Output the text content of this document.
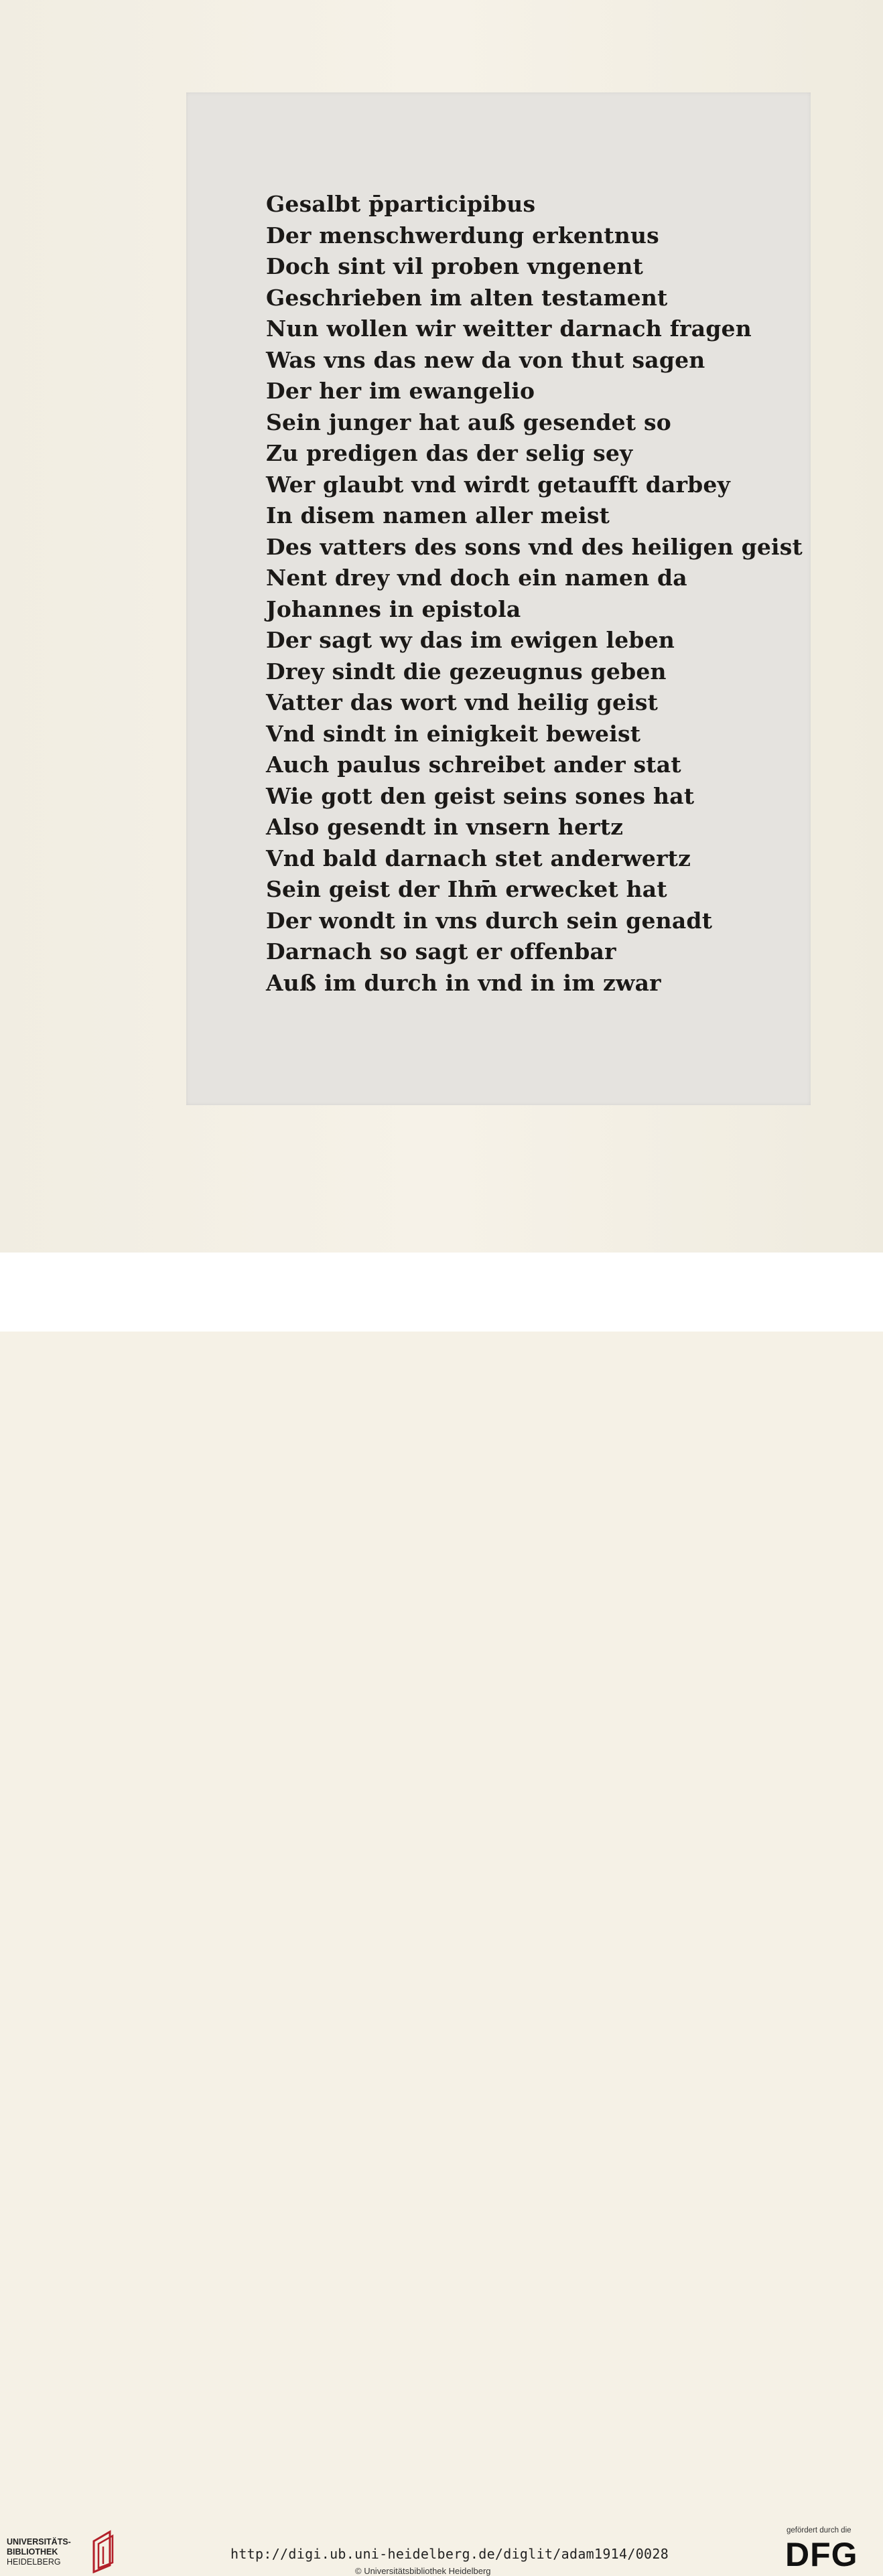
Gesalbt p̄participibus
Der menschwerdung erkentnus
Doch sint vil proben vngenent
Geschrieben im alten testament
Nun wollen wir weitter darnach fragen
Was vns das new da von thut sagen
Der her im ewangelio
Sein junger hat auß gesendet so
Zu predigen das der selig sey
Wer glaubt vnd wirdt getaufft darbey
In disem namen aller meist
Des vatters des sons vnd des heiligen geist
Nent drey vnd doch ein namen da
Johannes in epistola
Der sagt wy das im ewigen leben
Drey sindt die gezeugnus geben
Vatter das wort vnd heilig geist
Vnd sindt in einigkeit beweist
Auch paulus schreibet ander stat
Wie gott den geist seins sones hat
Also gesendt in vnsern hertz
Vnd bald darnach stet anderwertz
Sein geist der Ihm̄ erwecket hat
Der wondt in vns durch sein genadt
Darnach so sagt er offenbar
Auß im durch in vnd in im zwar
UNIVERSITÄTS-
BIBLIOTHEK
HEIDELBERG	http://digi.ub.uni-heidelberg.de/diglit/adam1914/0028
© Universitätsbibliothek Heidelberg
gefördert durch die
DFG
